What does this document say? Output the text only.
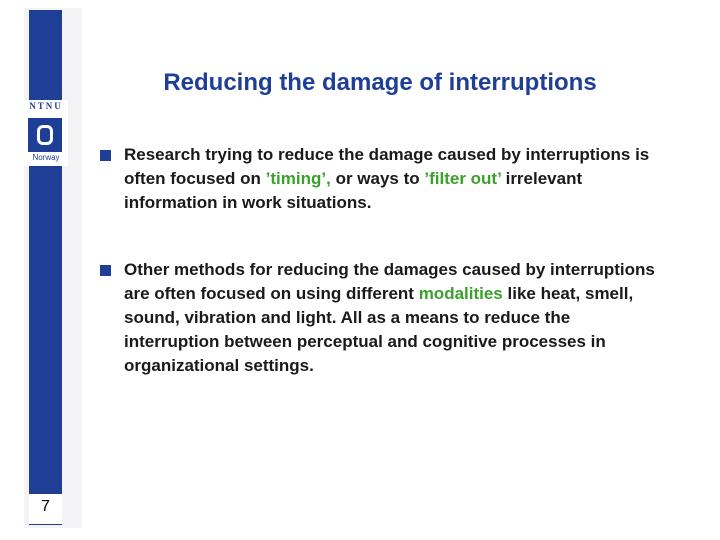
NTNU
Norway
7
Reducing the damage of interruptions
Research trying to reduce the damage caused by interruptions is often focused on ’timing’, or ways to ’filter out’ irrelevant information in work situations.
Other methods for reducing the damages caused by interruptions are often focused on using different modalities like heat, smell, sound, vibration and light. All as a means to reduce the interruption between perceptual and cognitive processes in organizational settings.
